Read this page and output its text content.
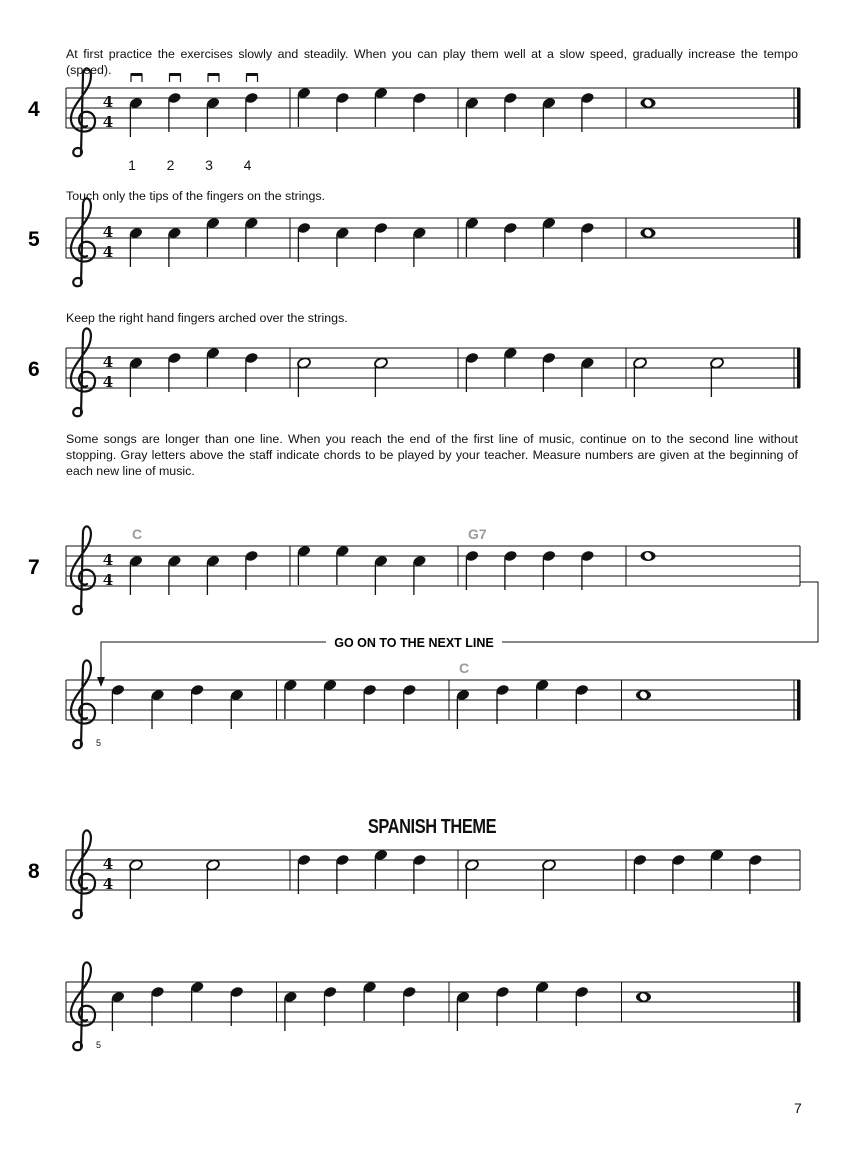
At first practice the exercises slowly and steadily. When you can play them well at a slow speed, gradually increase the tempo (speed).
Touch only the tips of the fingers on the strings.
Keep the right hand fingers arched over the strings.
Some songs are longer than one line. When you reach the end of the first line of music, continue on to the second line without stopping. Gray letters above the staff indicate chords to be played by your teacher. Measure numbers are given at the beginning of each new line of music.
SPANISH THEME
7
4	4
4
1 2 3 4
5	4
4
6	4
4
7	4
4
C	G7
5
C
8	4
4
5
GO ON TO THE NEXT LINE
